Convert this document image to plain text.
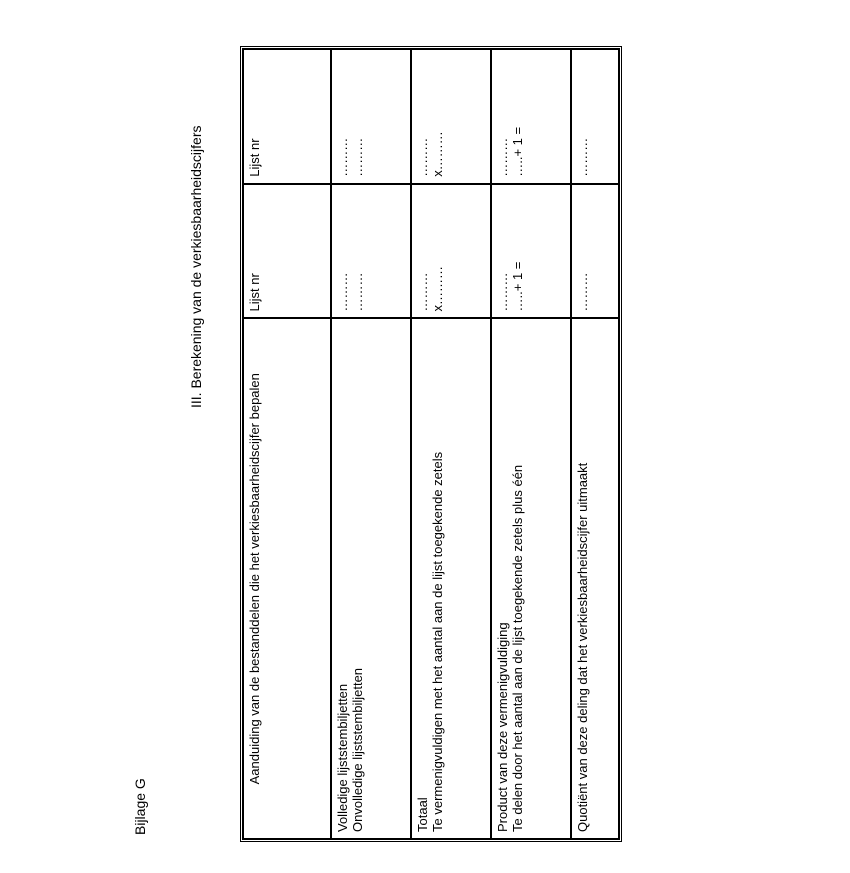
Bijlage G
III. Berekening van de verkiesbaarheidscijfers
Aanduiding van de bestanddelen die het verkiesbaarheidscijfer bepalen	Lijst nr	Lijst nr

Volledige lijststembiljetten Onvolledige lijststembiljetten	……… ………	……… ………

Totaal Te vermenigvuldigen met het aantal aan de lijst toegekende zetels	……… x………	……… x………

Product van deze vermenigvuldiging Te delen door het aantal aan de lijst toegekende zetels plus één	……… …..+ 1 =	……… …..+ 1 =

Quotiënt van deze deling dat het verkiesbaarheidscijfer uitmaakt	………	………
